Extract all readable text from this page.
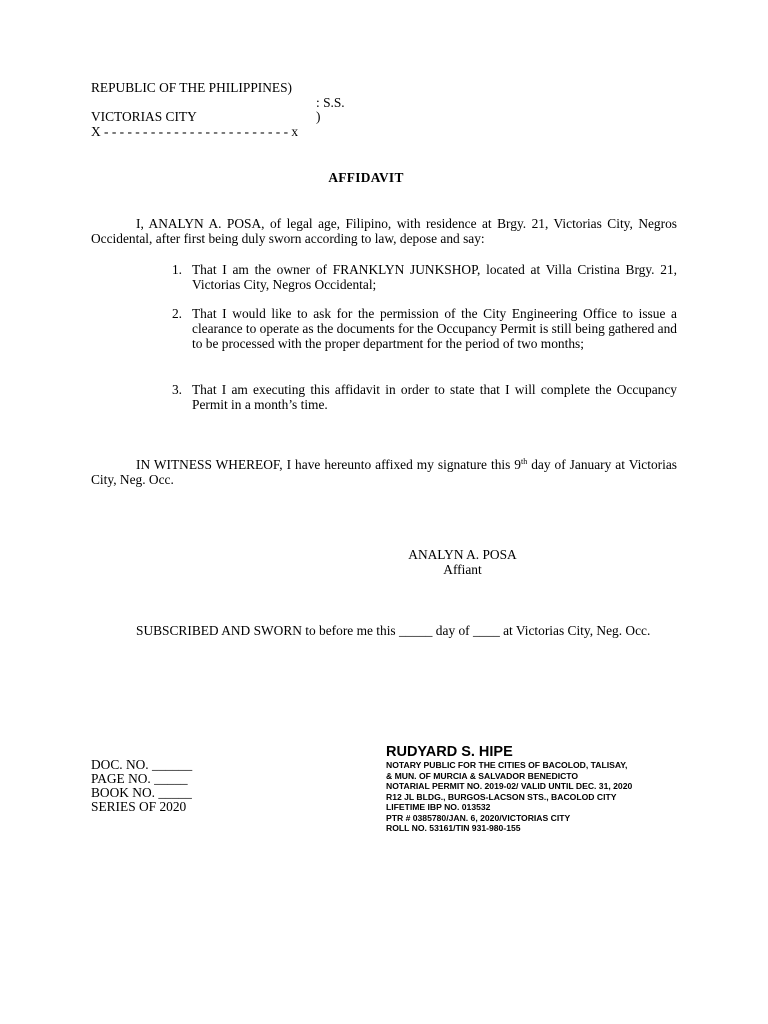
REPUBLIC OF THE PHILIPPINES)
: S.S.
VICTORIAS CITY	)
X - - - - - - - - - - - - - - - - - - - - - - - - x
AFFIDAVIT
I, ANALYN A. POSA, of legal age, Filipino, with residence at Brgy. 21, Victorias City, Negros Occidental, after first being duly sworn according to law, depose and say:
1. That I am the owner of FRANKLYN JUNKSHOP, located at Villa Cristina Brgy. 21, Victorias City, Negros Occidental;
2. That I would like to ask for the permission of the City Engineering Office to issue a clearance to operate as the documents for the Occupancy Permit is still being gathered and to be processed with the proper department for the period of two months;
3. That I am executing this affidavit in order to state that I will complete the Occupancy Permit in a month’s time.
IN WITNESS WHEREOF, I have hereunto affixed my signature this 9th day of January at Victorias City, Neg. Occ.
ANALYN A. POSA
Affiant
SUBSCRIBED AND SWORN to before me this _____ day of ____ at Victorias City, Neg. Occ.
DOC. NO. ______
PAGE NO. _____
BOOK NO. _____
SERIES OF 2020
RUDYARD S. HIPE
NOTARY PUBLIC FOR THE CITIES OF BACOLOD, TALISAY,
& MUN. OF MURCIA & SALVADOR BENEDICTO
NOTARIAL PERMIT NO. 2019-02/ VALID UNTIL DEC. 31, 2020
R12 JL BLDG., BURGOS-LACSON STS., BACOLOD CITY
LIFETIME IBP NO. 013532
PTR # 0385780/JAN. 6, 2020/VICTORIAS CITY
ROLL NO. 53161/TIN 931-980-155
